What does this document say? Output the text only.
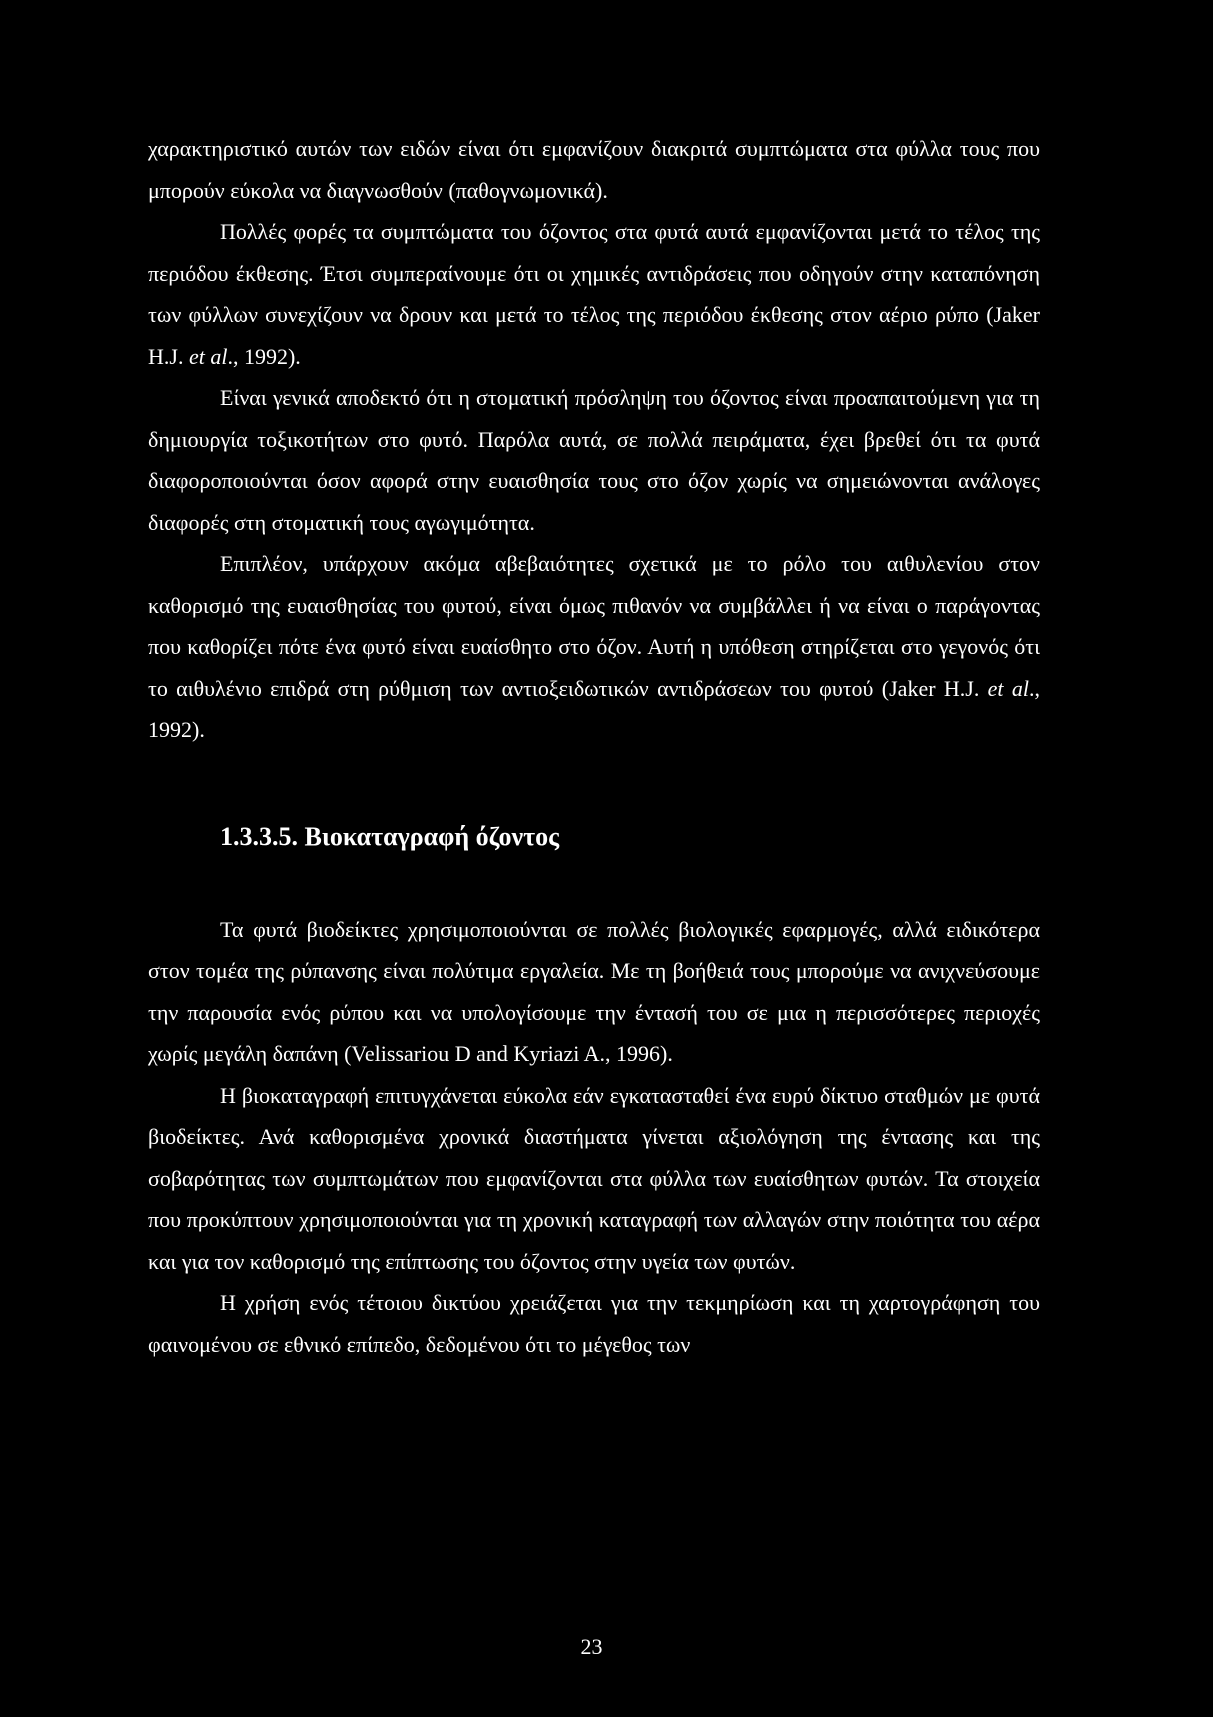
χαρακτηριστικό αυτών των ειδών είναι ότι εμφανίζουν διακριτά συμπτώματα στα φύλλα τους που μπορούν εύκολα να διαγνωσθούν (παθογνωμονικά).

Πολλές φορές τα συμπτώματα του όζοντος στα φυτά αυτά εμφανίζονται μετά το τέλος της περιόδου έκθεσης. Έτσι συμπεραίνουμε ότι οι χημικές αντιδράσεις που οδηγούν στην καταπόνηση των φύλλων συνεχίζουν να δρουν και μετά το τέλος της περιόδου έκθεσης στον αέριο ρύπο (Jaker H.J. et al., 1992).

Είναι γενικά αποδεκτό ότι η στοματική πρόσληψη του όζοντος είναι προαπαιτούμενη για τη δημιουργία τοξικοτήτων στο φυτό. Παρόλα αυτά, σε πολλά πειράματα, έχει βρεθεί ότι τα φυτά διαφοροποιούνται όσον αφορά στην ευαισθησία τους στο όζον χωρίς να σημειώνονται ανάλογες διαφορές στη στοματική τους αγωγιμότητα.

Επιπλέον, υπάρχουν ακόμα αβεβαιότητες σχετικά με το ρόλο του αιθυλενίου στον καθορισμό της ευαισθησίας του φυτού, είναι όμως πιθανόν να συμβάλλει ή να είναι ο παράγοντας που καθορίζει πότε ένα φυτό είναι ευαίσθητο στο όζον. Αυτή η υπόθεση στηρίζεται στο γεγονός ότι το αιθυλένιο επιδρά στη ρύθμιση των αντιοξειδωτικών αντιδράσεων του φυτού (Jaker H.J. et al., 1992).

1.3.3.5. Βιοκαταγραφή όζοντος

Τα φυτά βιοδείκτες χρησιμοποιούνται σε πολλές βιολογικές εφαρμογές, αλλά ειδικότερα στον τομέα της ρύπανσης είναι πολύτιμα εργαλεία. Με τη βοήθειά τους μπορούμε να ανιχνεύσουμε την παρουσία ενός ρύπου και να υπολογίσουμε την έντασή του σε μια η περισσότερες περιοχές χωρίς μεγάλη δαπάνη (Velissariou D and Kyriazi A., 1996).

Η βιοκαταγραφή επιτυγχάνεται εύκολα εάν εγκατασταθεί ένα ευρύ δίκτυο σταθμών με φυτά βιοδείκτες. Ανά καθορισμένα χρονικά διαστήματα γίνεται αξιολόγηση της έντασης και της σοβαρότητας των συμπτωμάτων που εμφανίζονται στα φύλλα των ευαίσθητων φυτών. Τα στοιχεία που προκύπτουν χρησιμοποιούνται για τη χρονική καταγραφή των αλλαγών στην ποιότητα του αέρα και για τον καθορισμό της επίπτωσης του όζοντος στην υγεία των φυτών.

Η χρήση ενός τέτοιου δικτύου χρειάζεται για την τεκμηρίωση και τη χαρτογράφηση του φαινομένου σε εθνικό επίπεδο, δεδομένου ότι το μέγεθος των

23
